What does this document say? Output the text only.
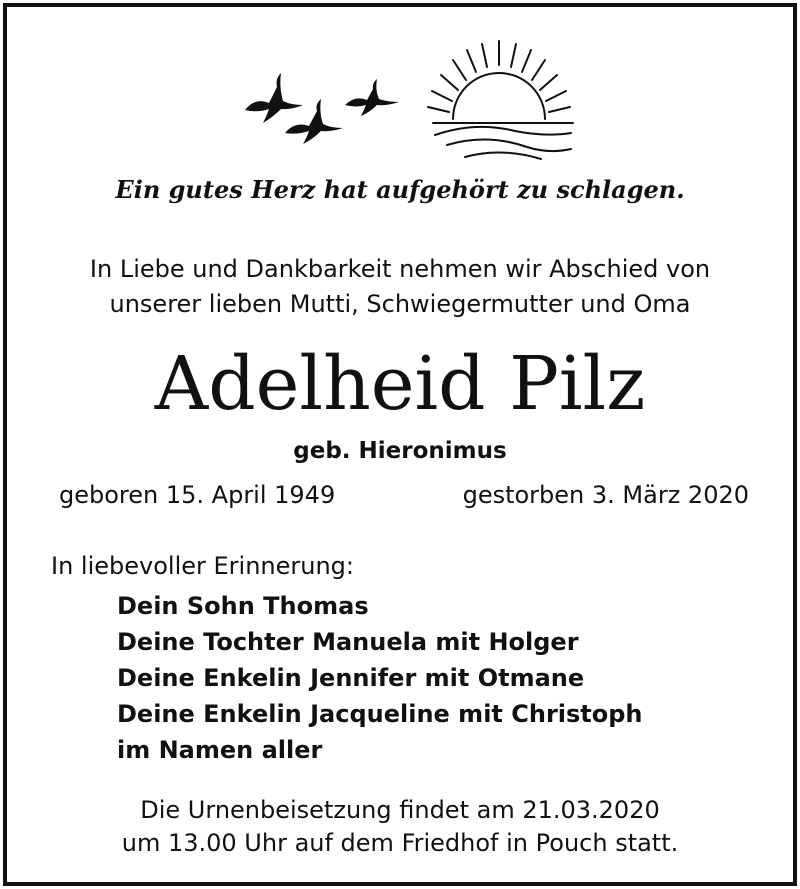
Ein gutes Herz hat aufgehört zu schlagen.
In Liebe und Dankbarkeit nehmen wir Abschied von
unserer lieben Mutti, Schwiegermutter und Oma
Adelheid Pilz
geb. Hieronimus
geboren 15. April 1949	gestorben 3. März 2020
In liebevoller Erinnerung:
Dein Sohn Thomas
Deine Tochter Manuela mit Holger
Deine Enkelin Jennifer mit Otmane
Deine Enkelin Jacqueline mit Christoph
im Namen aller
Die Urnenbeisetzung findet am 21.03.2020
um 13.00 Uhr auf dem Friedhof in Pouch statt.
